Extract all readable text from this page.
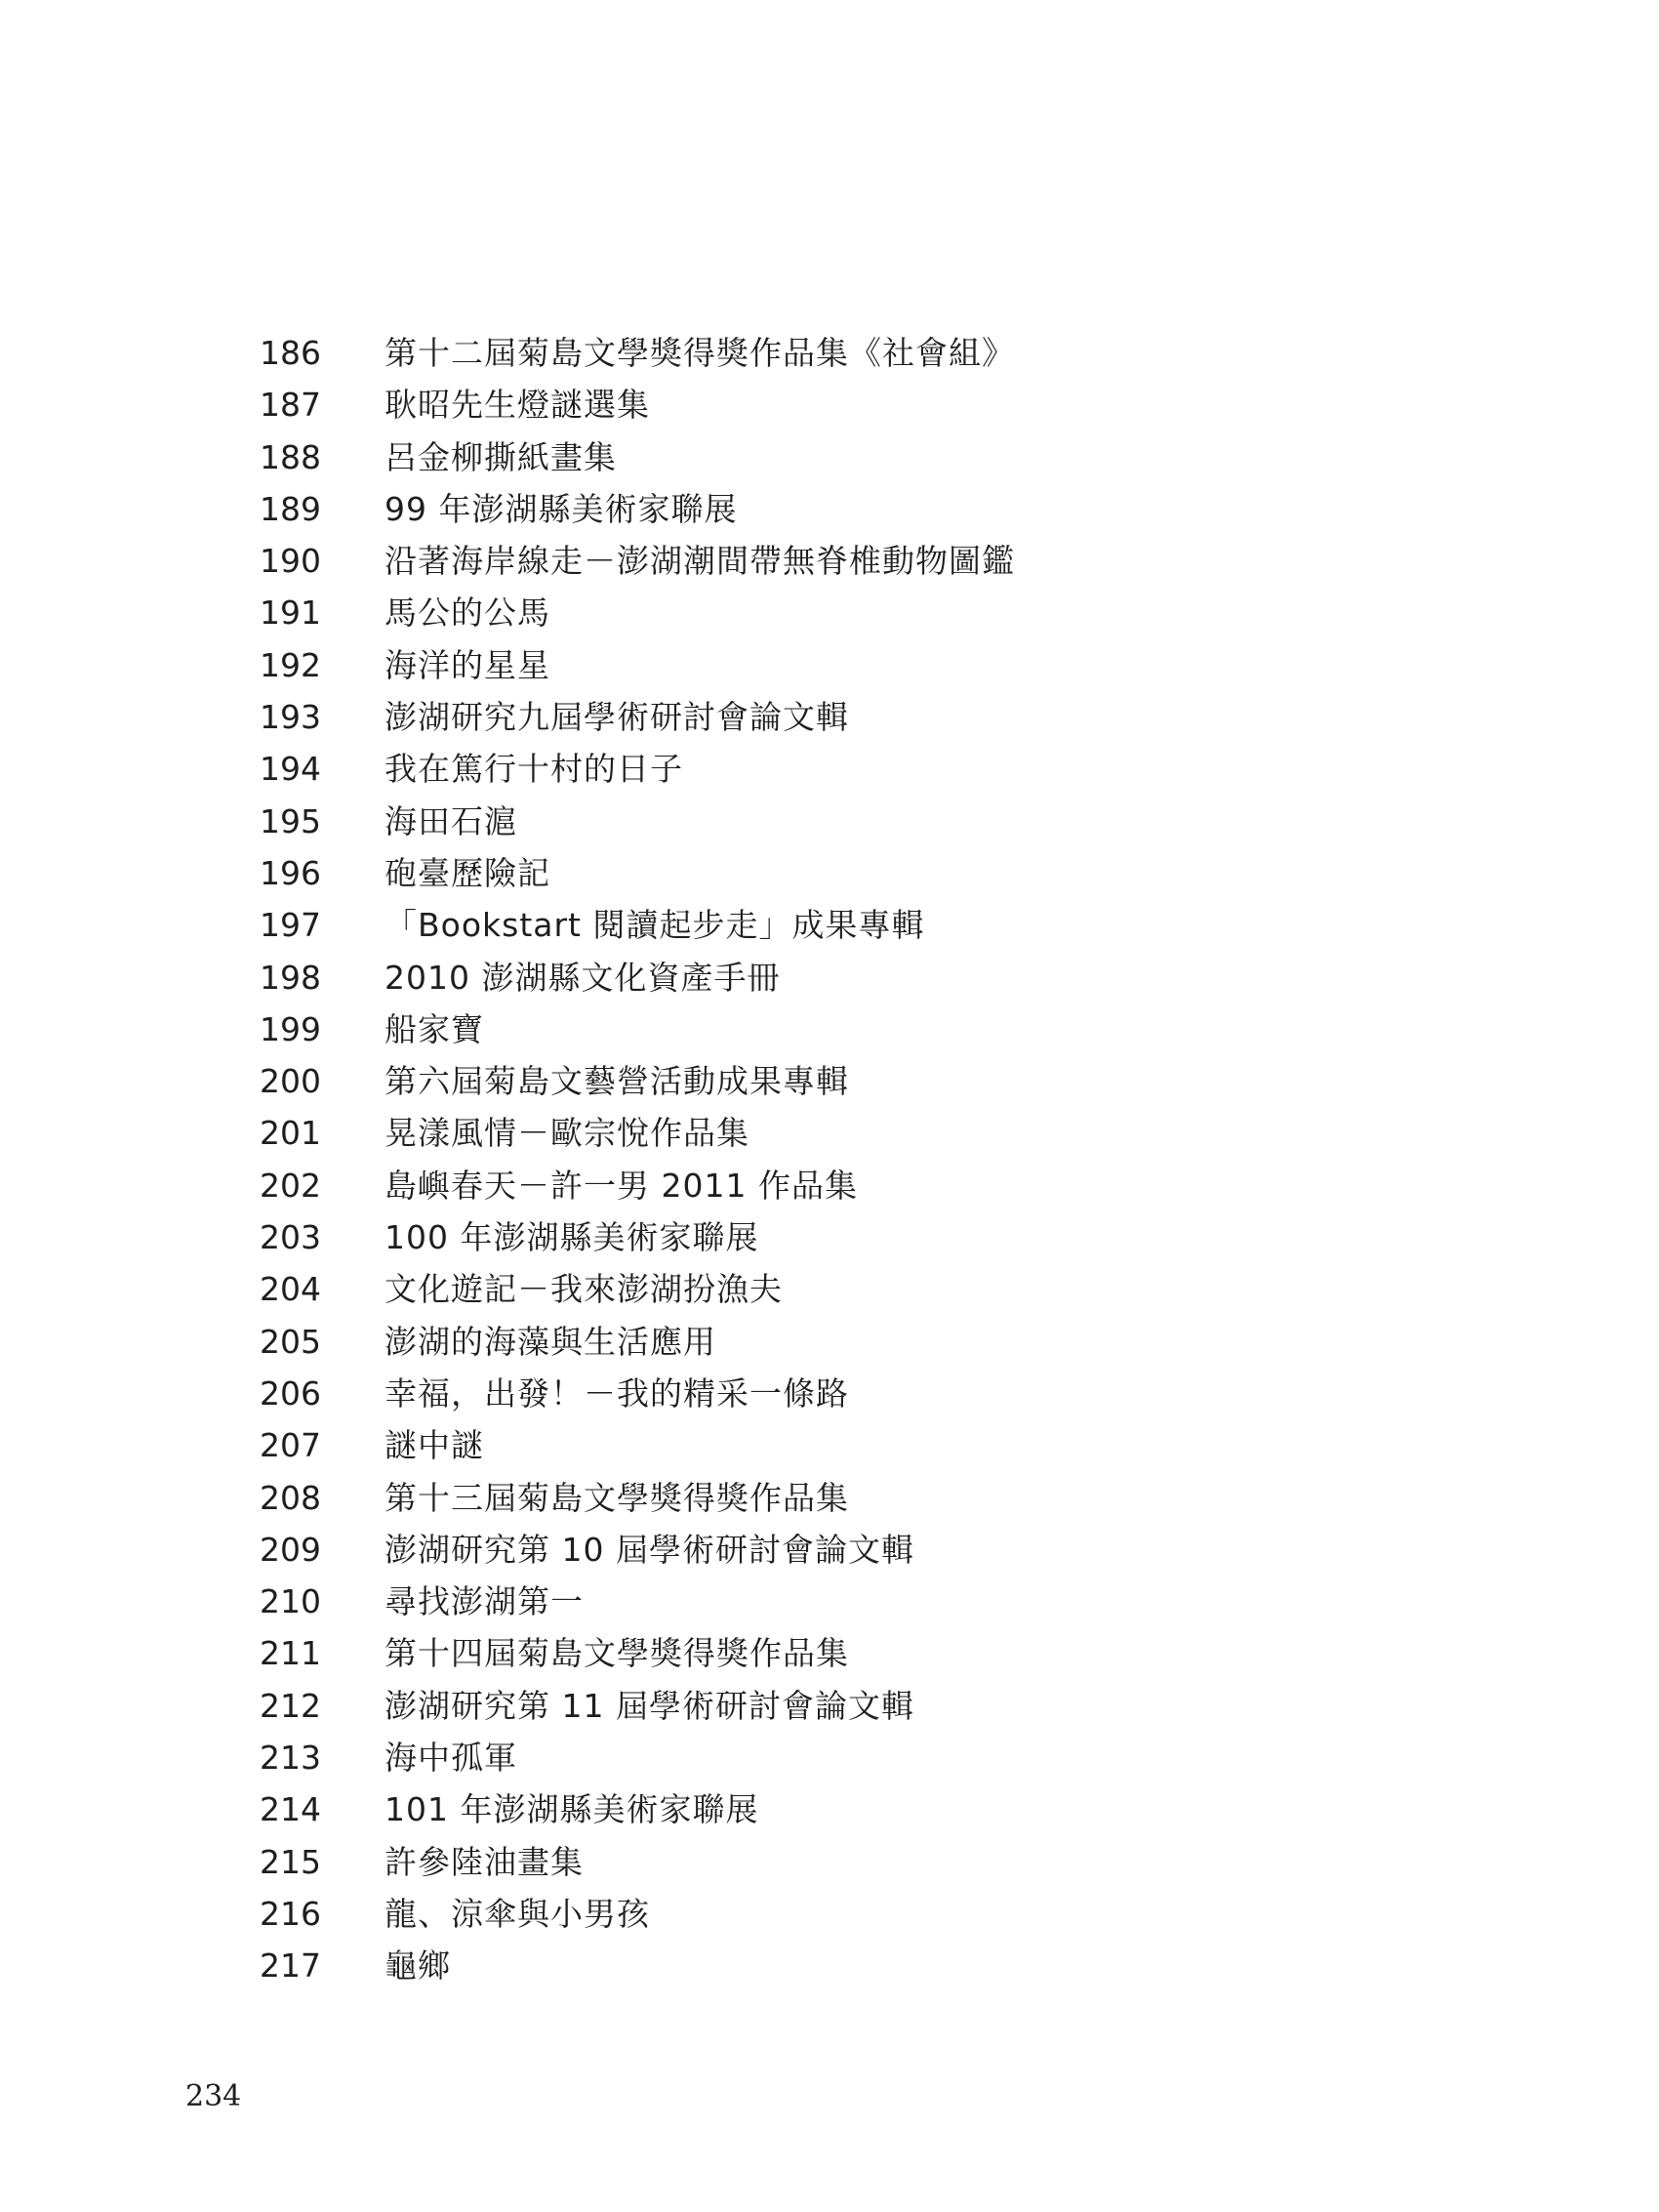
186	第十二屆菊島文學獎得獎作品集《社會組》
187	耿昭先生燈謎選集
188	呂金柳撕紙畫集
189	99 年澎湖縣美術家聯展
190	沿著海岸線走－澎湖潮間帶無脊椎動物圖鑑
191	馬公的公馬
192	海洋的星星
193	澎湖研究九屆學術研討會論文輯
194	我在篤行十村的日子
195	海田石滬
196	砲臺歷險記
197	「Bookstart 閱讀起步走」成果專輯
198	2010 澎湖縣文化資產手冊
199	船家寶
200	第六屆菊島文藝營活動成果專輯
201	晃漾風情－歐宗悅作品集
202	島嶼春天－許一男 2011 作品集
203	100 年澎湖縣美術家聯展
204	文化遊記－我來澎湖扮漁夫
205	澎湖的海藻與生活應用
206	幸福，出發！－我的精采一條路
207	謎中謎
208	第十三屆菊島文學獎得獎作品集
209	澎湖研究第 10 屆學術研討會論文輯
210	尋找澎湖第一
211	第十四屆菊島文學獎得獎作品集
212	澎湖研究第 11 屆學術研討會論文輯
213	海中孤軍
214	101 年澎湖縣美術家聯展
215	許參陸油畫集
216	龍、涼傘與小男孩
217	龜鄉
234
